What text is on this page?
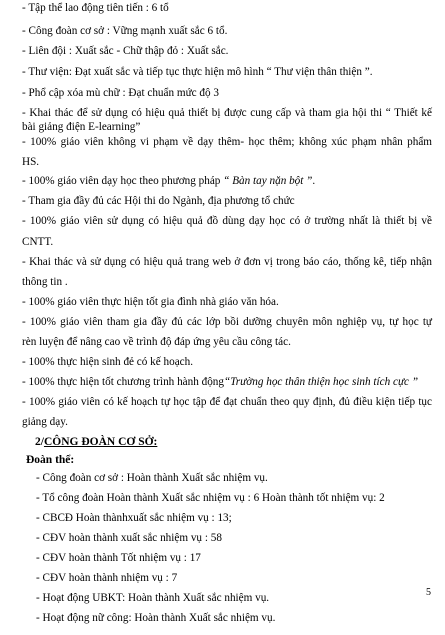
- Tập thể lao động tiên tiến : 6 tổ
- Công đoàn cơ sở : Vững mạnh xuất sắc 6 tổ.
- Liên đội : Xuất sắc - Chữ thập đỏ : Xuất sắc.
- Thư viện: Đạt xuất sắc và tiếp tục thực hiện mô hình “ Thư viện thân thiện ”.
- Phổ cập xóa mù chữ : Đạt chuẩn mức độ 3
- Khai thác để sử dụng có hiệu quả thiết bị được cung cấp và tham gia hội thi “ Thiết kế
bài giảng điện E-learning”
- 100% giáo viên không vi phạm về dạy thêm- học thêm; không xúc phạm nhân phẩm
HS.
- 100% giáo viên dạy học theo phương pháp “ Bàn tay nặn bột ”.
- Tham gia đầy đủ các Hội thi do Ngành, địa phương tổ chức
- 100% giáo viên sử dụng có hiệu quả đồ dùng dạy học có ở trường nhất là thiết bị về
CNTT.
- Khai thác và sử dụng có hiệu quả trang web ở đơn vị trong báo cáo, thống kê, tiếp nhận
thông tin .
- 100% giáo viên thực hiện tốt gia đình nhà giáo văn hóa.
- 100% giáo viên tham gia đầy đủ các lớp bồi dưỡng chuyên môn nghiệp vụ, tự học tự
rèn luyện để nâng cao về trình độ đáp ứng yêu cầu công tác.
- 100% thực hiện sinh đẻ có kế hoạch.
- 100% thực hiện tốt chương trình hành động“Trường học thân thiện học sinh tích cực ”
- 100% giáo viên có kế hoạch tự học tập để đạt chuẩn theo quy định, đủ điều kiện tiếp tục
giảng dạy.
2/CÔNG ĐOÀN CƠ SỞ:
Đoàn thể:
- Công đoàn cơ sở : Hoàn thành Xuất sắc nhiệm vụ.
- Tổ công đoàn Hoàn thành Xuất sắc nhiệm vụ : 6 Hoàn thành tốt nhiệm vụ: 2
- CBCĐ Hoàn thànhxuất sắc nhiệm vụ : 13;
- CĐV hoàn thành xuất sắc nhiệm vụ : 58
- CĐV hoàn thành Tốt nhiệm vụ : 17
- CĐV hoàn thành nhiệm vụ : 7
- Hoạt động UBKT: Hoàn thành Xuất sắc nhiệm vụ.
- Hoạt động nữ công: Hoàn thành Xuất sắc nhiệm vụ.
5
